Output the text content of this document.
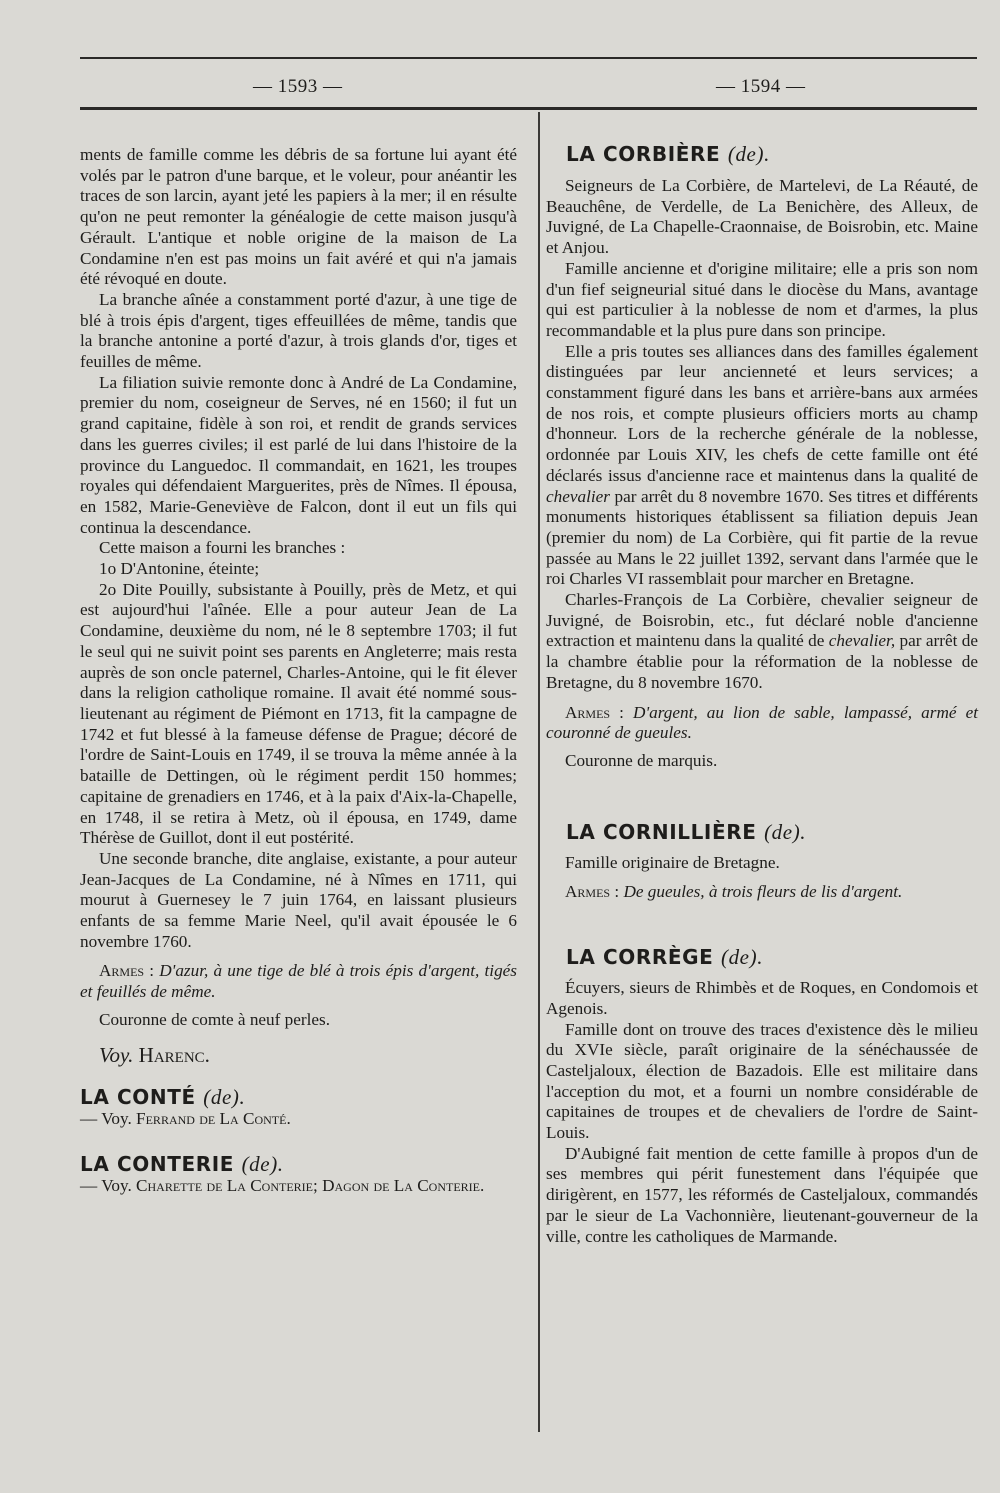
— 1593 —	— 1594 —

ments de famille comme les débris de sa fortune lui ayant été volés par le patron d'une barque, et le voleur, pour anéantir les traces de son larcin, ayant jeté les papiers à la mer; il en résulte qu'on ne peut remonter la généalogie de cette maison jusqu'à Gérault. L'antique et noble origine de la maison de La Condamine n'en est pas moins un fait avéré et qui n'a jamais été révoqué en doute.

La branche aînée a constamment porté d'azur, à une tige de blé à trois épis d'argent, tiges effeuillées de même, tandis que la branche antonine a porté d'azur, à trois glands d'or, tiges et feuilles de même.

La filiation suivie remonte donc à André de La Condamine, premier du nom, coseigneur de Serves, né en 1560; il fut un grand capitaine, fidèle à son roi, et rendit de grands services dans les guerres civiles; il est parlé de lui dans l'histoire de la province du Languedoc. Il commandait, en 1621, les troupes royales qui défendaient Marguerites, près de Nîmes. Il épousa, en 1582, Marie-Geneviève de Falcon, dont il eut un fils qui continua la descendance.

Cette maison a fourni les branches :

1o D'Antonine, éteinte;

2o Dite Pouilly, subsistante à Pouilly, près de Metz, et qui est aujourd'hui l'aînée. Elle a pour auteur Jean de La Condamine, deuxième du nom, né le 8 septembre 1703; il fut le seul qui ne suivit point ses parents en Angleterre; mais resta auprès de son oncle paternel, Charles-Antoine, qui le fit élever dans la religion catholique romaine. Il avait été nommé sous-lieutenant au régiment de Piémont en 1713, fit la campagne de 1742 et fut blessé à la fameuse défense de Prague; décoré de l'ordre de Saint-Louis en 1749, il se trouva la même année à la bataille de Dettingen, où le régiment perdit 150 hommes; capitaine de grenadiers en 1746, et à la paix d'Aix-la-Chapelle, en 1748, il se retira à Metz, où il épousa, en 1749, dame Thérèse de Guillot, dont il eut postérité.

Une seconde branche, dite anglaise, existante, a pour auteur Jean-Jacques de La Condamine, né à Nîmes en 1711, qui mourut à Guernesey le 7 juin 1764, en laissant plusieurs enfants de sa femme Marie Neel, qu'il avait épousée le 6 novembre 1760.

Armes : D'azur, à une tige de blé à trois épis d'argent, tigés et feuillés de même.

Couronne de comte à neuf perles.

Voy. Harenc.

LA CONTÉ (de).
— Voy. Ferrand de La Conté.

LA CONTERIE (de).
— Voy. Charette de La Conterie; Dagon de La Conterie.

LA CORBIÈRE (de).

Seigneurs de La Corbière, de Martelevi, de La Réauté, de Beauchêne, de Verdelle, de La Benichère, des Alleux, de Juvigné, de La Chapelle-Craonnaise, de Boisrobin, etc. Maine et Anjou.

Famille ancienne et d'origine militaire; elle a pris son nom d'un fief seigneurial situé dans le diocèse du Mans, avantage qui est particulier à la noblesse de nom et d'armes, la plus recommandable et la plus pure dans son principe.

Elle a pris toutes ses alliances dans des familles également distinguées par leur ancienneté et leurs services; a constamment figuré dans les bans et arrière-bans aux armées de nos rois, et compte plusieurs officiers morts au champ d'honneur. Lors de la recherche générale de la noblesse, ordonnée par Louis XIV, les chefs de cette famille ont été déclarés issus d'ancienne race et maintenus dans la qualité de chevalier par arrêt du 8 novembre 1670. Ses titres et différents monuments historiques établissent sa filiation depuis Jean (premier du nom) de La Corbière, qui fit partie de la revue passée au Mans le 22 juillet 1392, servant dans l'armée que le roi Charles VI rassemblait pour marcher en Bretagne.

Charles-François de La Corbière, chevalier seigneur de Juvigné, de Boisrobin, etc., fut déclaré noble d'ancienne extraction et maintenu dans la qualité de chevalier, par arrêt de la chambre établie pour la réformation de la noblesse de Bretagne, du 8 novembre 1670.

Armes : D'argent, au lion de sable, lampassé, armé et couronné de gueules.

Couronne de marquis.

LA CORNILLIÈRE (de).

Famille originaire de Bretagne.

Armes : De gueules, à trois fleurs de lis d'argent.

LA CORRÈGE (de).

Écuyers, sieurs de Rhimbès et de Roques, en Condomois et Agenois.

Famille dont on trouve des traces d'existence dès le milieu du XVIe siècle, paraît originaire de la sénéchaussée de Casteljaloux, élection de Bazadois. Elle est militaire dans l'acception du mot, et a fourni un nombre considérable de capitaines de troupes et de chevaliers de l'ordre de Saint-Louis.

D'Aubigné fait mention de cette famille à propos d'un de ses membres qui périt funestement dans l'équipée que dirigèrent, en 1577, les réformés de Casteljaloux, commandés par le sieur de La Vachonnière, lieutenant-gouverneur de la ville, contre les catholiques de Marmande.
